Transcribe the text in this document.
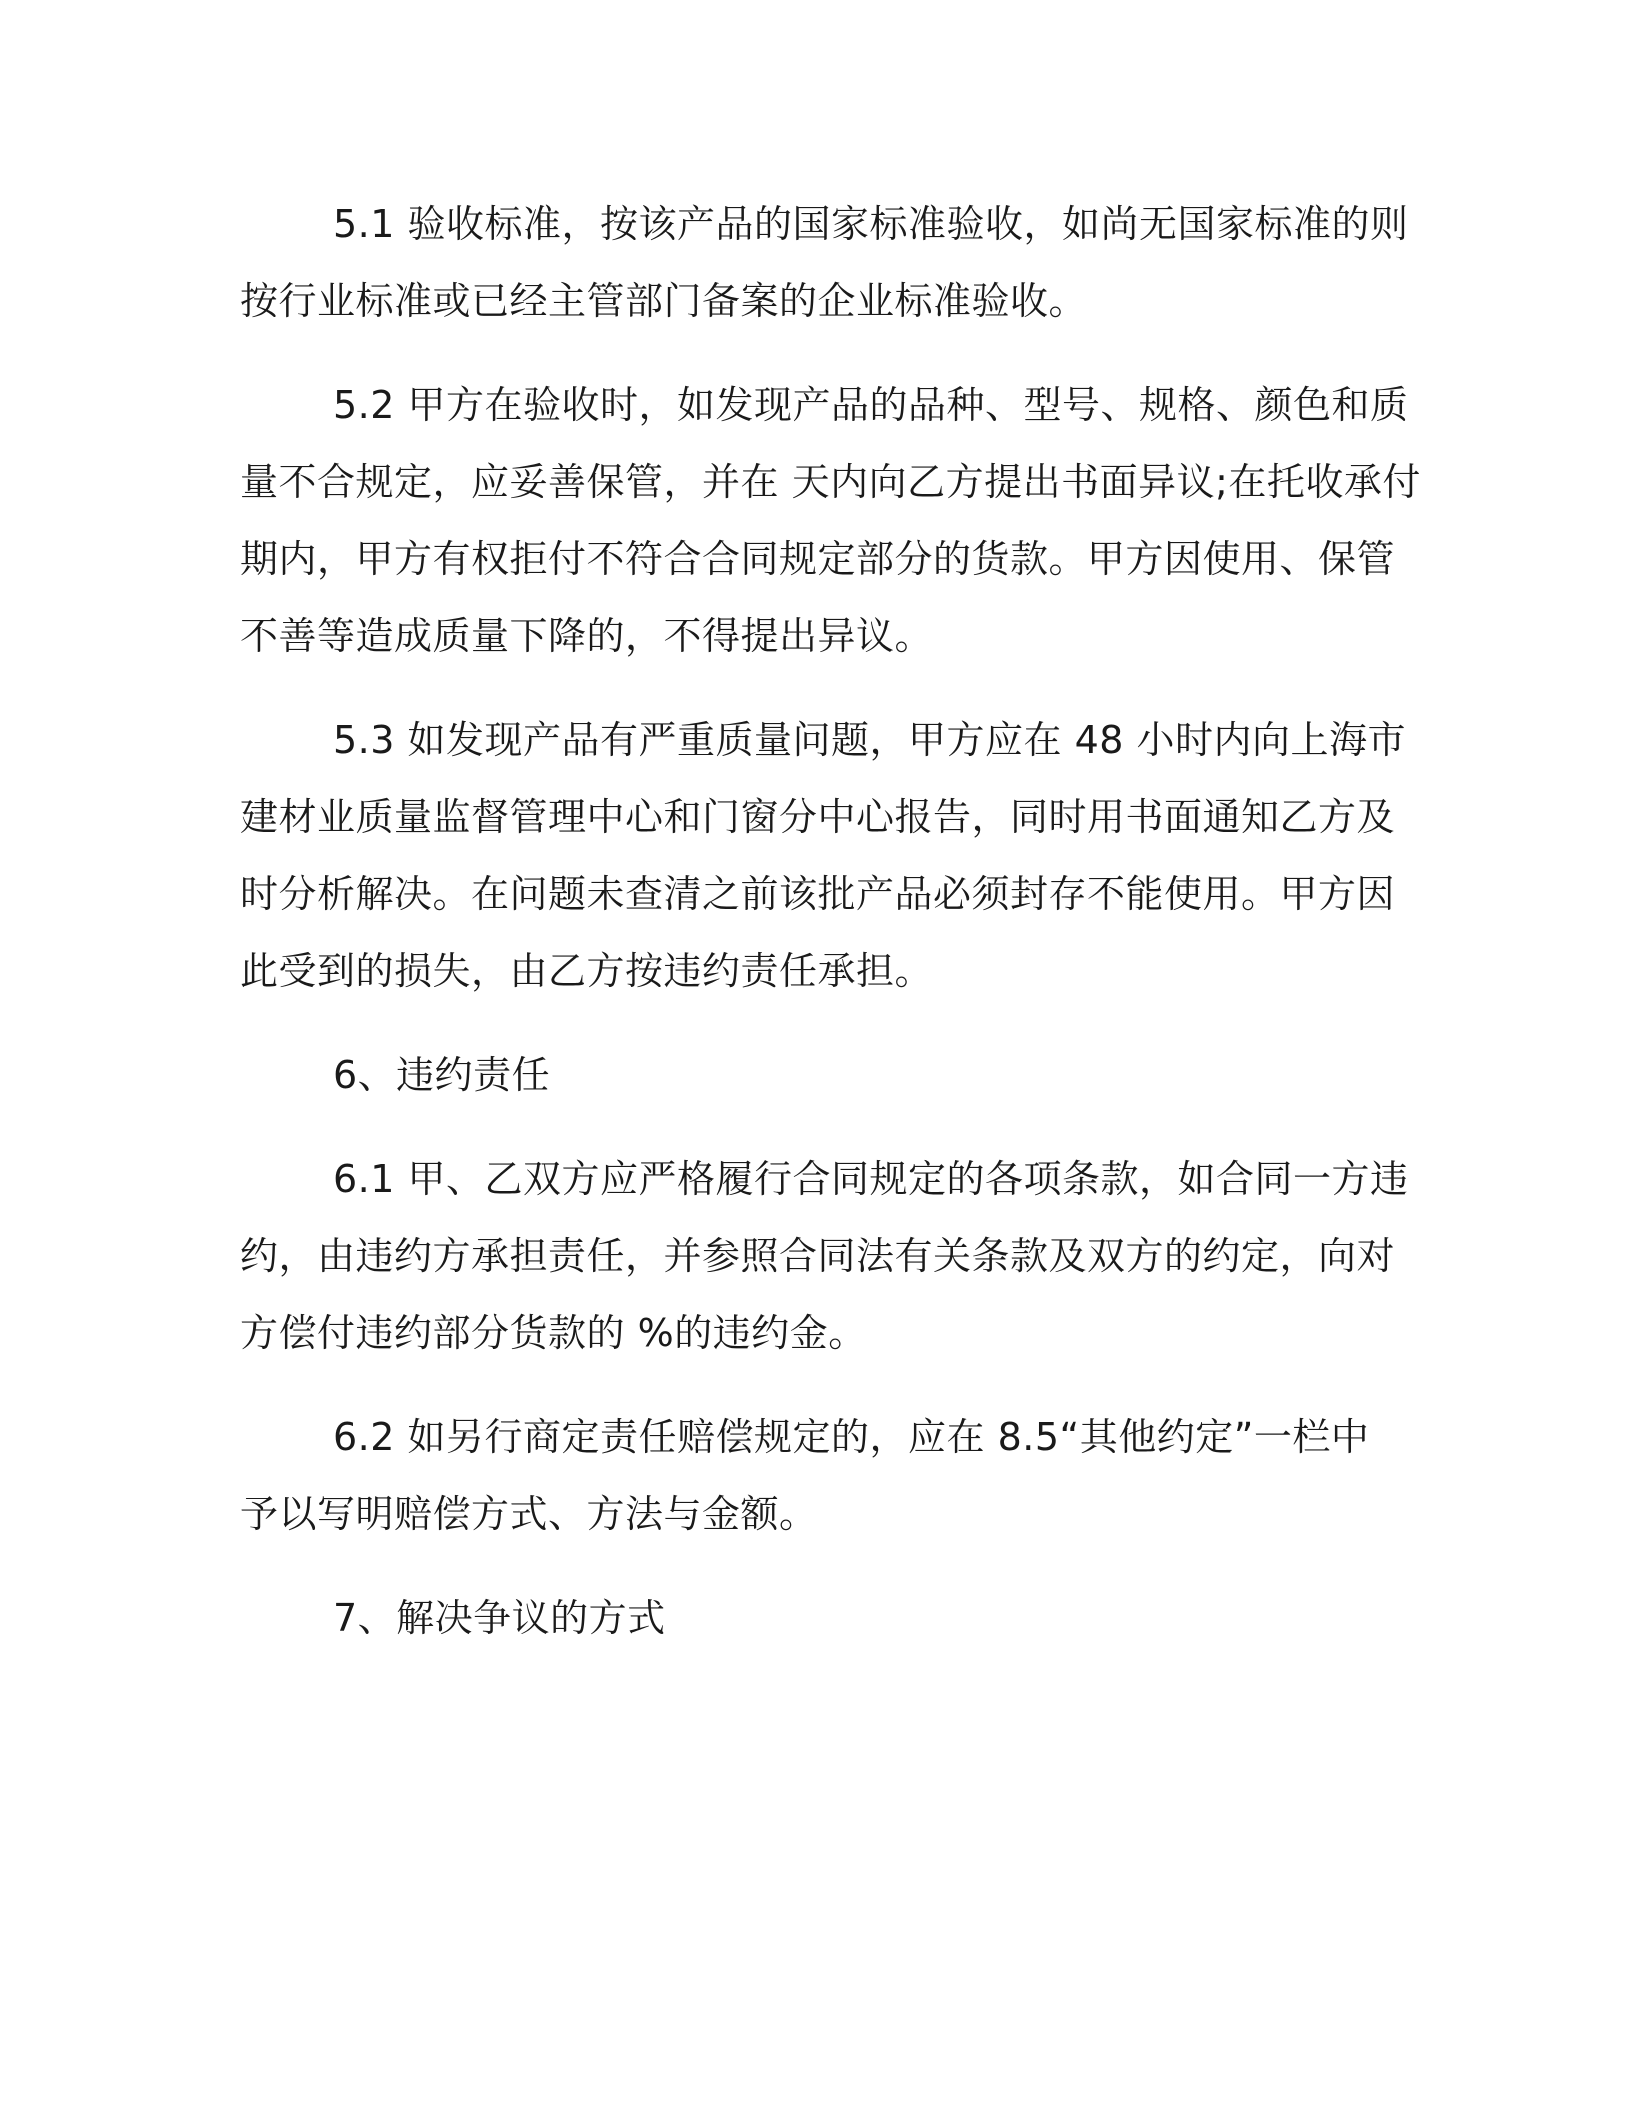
5.1 验收标准，按该产品的国家标准验收，如尚无国家标准的则
按行业标准或已经主管部门备案的企业标准验收。

5.2 甲方在验收时，如发现产品的品种、型号、规格、颜色和质
量不合规定，应妥善保管，并在 天内向乙方提出书面异议;在托收承付
期内，甲方有权拒付不符合合同规定部分的货款。甲方因使用、保管
不善等造成质量下降的，不得提出异议。

5.3 如发现产品有严重质量问题，甲方应在 48 小时内向上海市
建材业质量监督管理中心和门窗分中心报告，同时用书面通知乙方及
时分析解决。在问题未查清之前该批产品必须封存不能使用。甲方因
此受到的损失，由乙方按违约责任承担。

6、违约责任

6.1 甲、乙双方应严格履行合同规定的各项条款，如合同一方违
约，由违约方承担责任，并参照合同法有关条款及双方的约定，向对
方偿付违约部分货款的 %的违约金。

6.2 如另行商定责任赔偿规定的，应在 8.5“其他约定”一栏中
予以写明赔偿方式、方法与金额。

7、解决争议的方式
